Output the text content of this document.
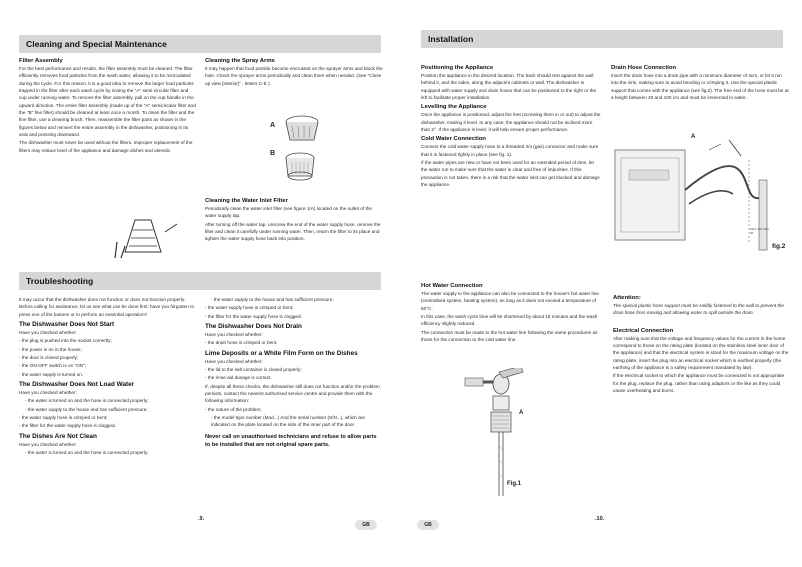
Cleaning and Special Maintenance
Filter Assembly

For the best performance and results, the filter assembly must be cleaned. The filter efficiently removes food particles from the wash water, allowing it to be recirculated during the cycle. For this reason, it is a good idea to remove the larger food particles trapped in the filter after each wash cycle by rinsing the "A" semi-circular filter and cup under running water. To remove the filter assembly, pull on the cup handle in the upward direction. The entire filter assembly (made up of the "A" semicircular filter and the "B" fine filter) should be cleaned at least once a month. To clean the filter and the fine filter, use a cleaning brush. Then, reassemble the filter parts as shown in the figures below and reinsert the entire assembly in the dishwasher, positioning in its seat and pressing downward.

The dishwasher must never be used without the filters. Improper replacement of the filters may reduce level of the appliance and damage dishes and utensils.

Cleaning the Spray Arms

It may happen that food particle become encrusted on the sprayer arms and block the hole. Check the sprayer arms periodically and clean them when needed. (See "Close up view [interior]" , letters C-E ).

A
B
Cleaning the Water Inlet Filter

Periodically clean the water inlet filter (see figure 1/A) located on the outlet of the water supply tap.

After turning off the water tap, unscrew the end of the water supply hose, remove the filter and clean it carefully under running water. Then, return the filter to its place and tighten the water supply hose back into position.

Troubleshooting

It may occur that the dishwasher does not function or does not function properly. Before calling for assistance, let us see what can be done first: have you forgotten to press one of the buttons or to perform an essential operation?

The Dishwasher Does Not Start

Have you checked whether:

- the plug is pushed into the socket correctly;

- the power is on in the house;

- the door is closed properly;

- the ON-OFF switch is on "ON";

- the water supply is turned on.

The Dishwasher Does Not Load Water

Have you checked whether:

- the water is turned on and the hose is connected properly;

- the water supply to the house and has sufficient pressure;

- the water supply hose is crimped or bent;

- the filter for the water supply hose is clogged.

The Dishes Are Not Clean

Have you checked whether:

- the water is turned on and the hose is connected properly;

- the water supply to the house and has sufficient pressure;

- the water supply hose is crimped or bent;

- the filter for the water supply hose is clogged.

The Dishwasher Does Not Drain

Have you checked whether:

- the drain hose is crimped or bent.

Lime Deposits or a White Film Form on the Dishes

Have you checked whether:

- the lid to the salt container is closed properly;

- the rinse aid dosage is correct.

If, despite all these checks, the dishwasher still does not function and/or the problem persists, contact the nearest authorised service centre and provide them with the following information:

- the nature of the problem;

- the model type number (Mod...) And the serial number (S/N...), which are indicated on the plate located on the side of the inner part of the door.

Never call on unauthorised technicians and refuse to allow parts to be installed that are not original spare parts.

.9.
GB
Installation
Positioning the Appliance

Position the appliance in the desired location. The back should rest against the wall behind it, and the sides, along the adjacent cabinets or wall. The dishwasher is equipped with water supply and drain hoses that can be positioned to the right or the left to facilitate proper installation.

Levelling the Appliance

Once the appliance is positioned, adjust the feet (screwing them in or out) to adjust the dishwasher, making it level. In any case, the appliance should not be inclined more than 2°. If the appliance is level, it will help ensure proper performance.

Cold Water Connection

Connect the cold water supply hose to a threaded 3/4 (gas) connector and make sure that it is fastened tightly in place (see fig. 1).

If the water pipes are new or have not been used for an extended period of time, let the water run to make sure that the water is clear and free of impurities. If this precaution is not taken, there is a risk that the water inlet can get blocked and damage the appliance.

Drain Hose Connection

Insert the drain hose into a drain pipe with a minimum diameter of 4cm, or let it run into the sink, making sure to avoid bending or crimping it. Use the special plastic support that comes with the appliance (see fig.2). The free end of the hose must be at a height between 40 and 100 cm and must be immersed in water.

A
MAX 100 MIN 40
fig.2
Hot Water Connection

The water supply to the appliance can also be connected to the house's hot water line (centralised system, heating system), as long as it does not exceed a temperature of 60°C.

In this case, the wash cycle time will be shortened by about 15 minutes and the wash efficiency slightly reduced.

The connection must be made to the hot water line following the same procedures as those for the connection to the cold water line.

A
Fig.1
Attention:

The special plastic hose support must be solidly fastened to the wall to prevent the drain hose from moving and allowing water to spill outside the drain.

Electrical Connection

After making sure that the voltage and frequency values for the current in the home correspond to those on the rating plate (located on the stainless steel inner door of the appliance) and that the electrical system is sized for the maximum voltage on the rating plate, insert the plug into an electrical socket which is earthed properly (the earthing of the appliance is a safety requirement mandated by law).

If the electrical socket to which the appliance must be connected is not appropriate for the plug, replace the plug, rather than using adaptors or the like as they could cause overheating and burns.

GB
.10.
